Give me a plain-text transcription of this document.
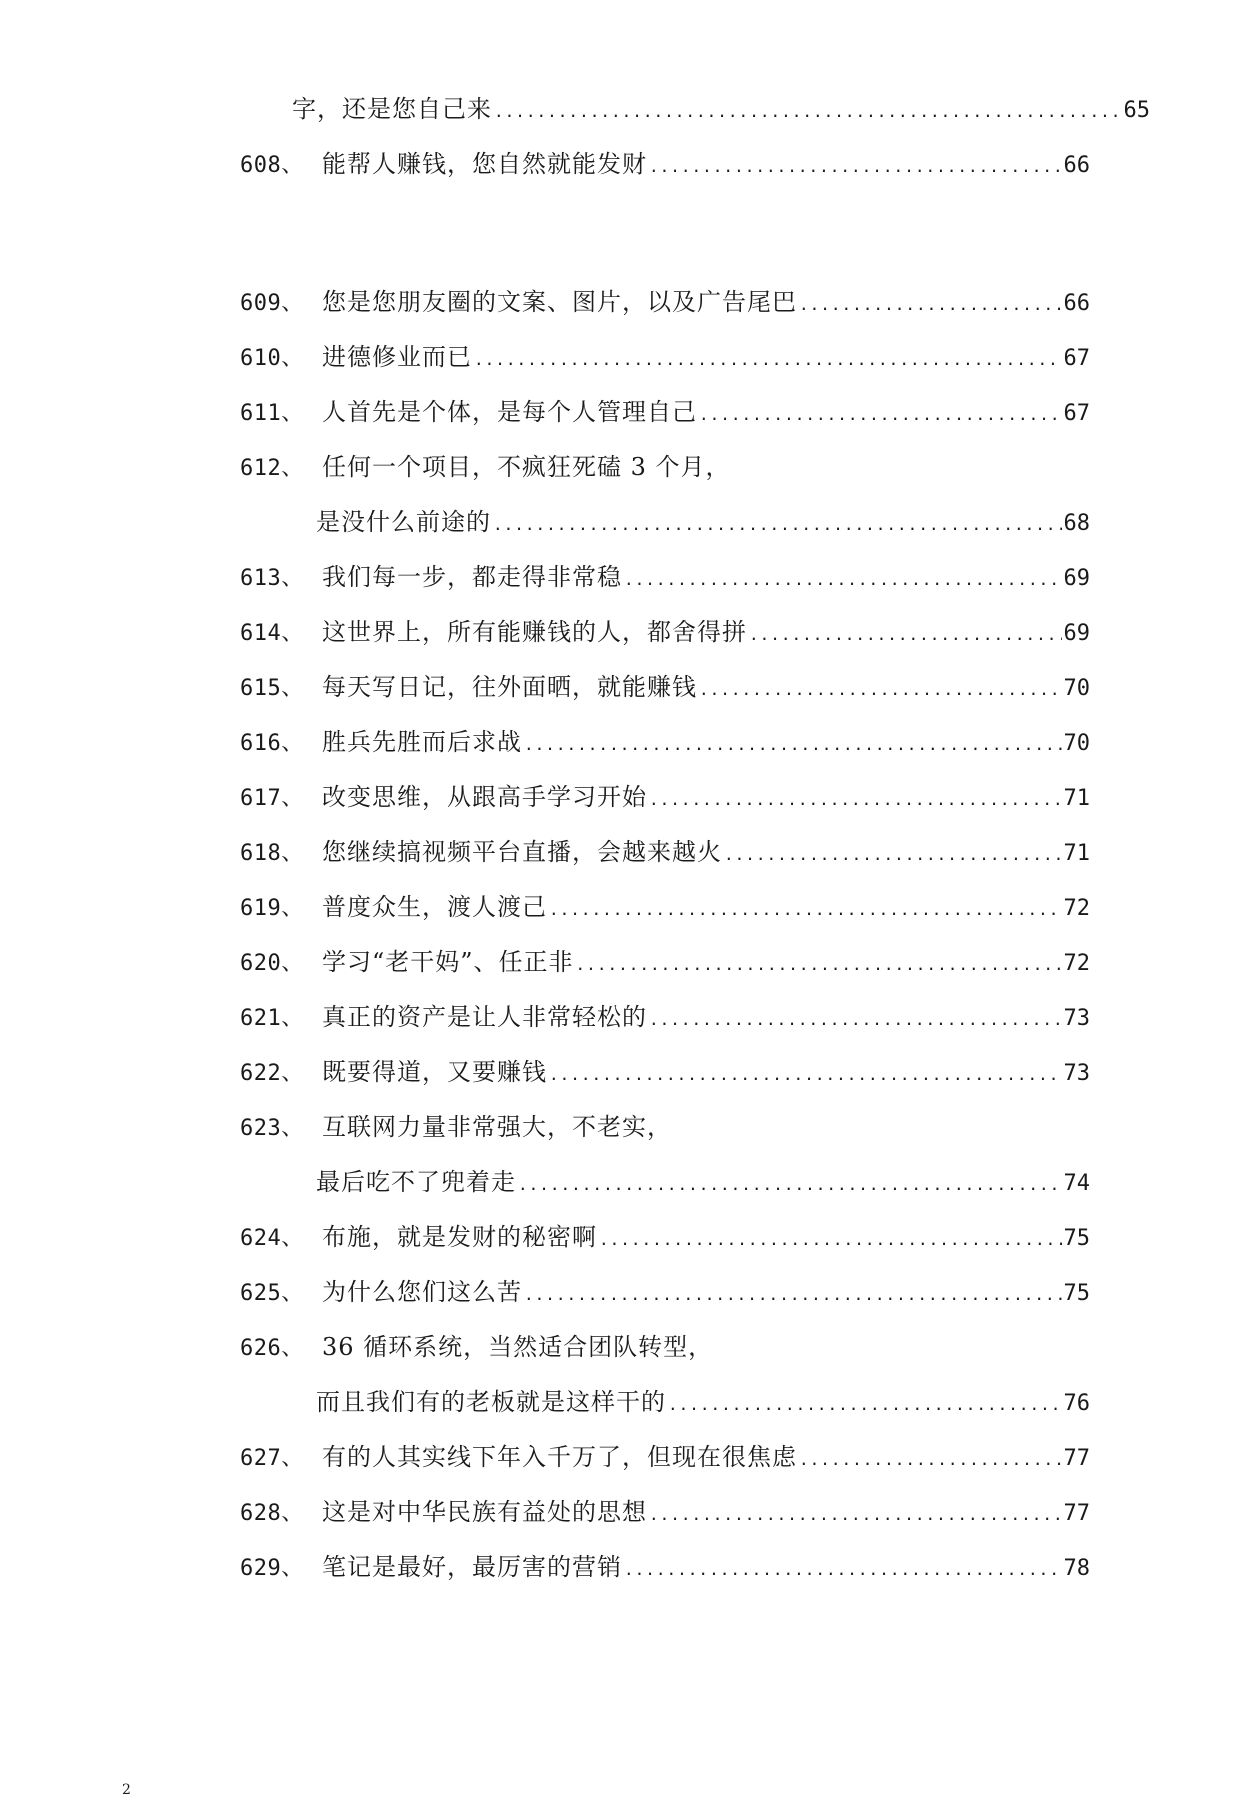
字，还是您自己来 .....	65
608、 能帮人赚钱，您自然就能发财 .....	66
609、 您是您朋友圈的文案、图片，以及广告尾巴 .....	66
610、 进德修业而已 .....	67
611、 人首先是个体，是每个人管理自己 .....	67
612、 任何一个项目，不疯狂死磕 3 个月，
是没什么前途的 .....	68
613、 我们每一步，都走得非常稳 .....	69
614、 这世界上，所有能赚钱的人，都舍得拼 .....	69
615、 每天写日记，往外面晒，就能赚钱 .....	70
616、 胜兵先胜而后求战 .....	70
617、 改变思维，从跟高手学习开始 .....	71
618、 您继续搞视频平台直播，会越来越火 .....	71
619、 普度众生，渡人渡己 .....	72
620、 学习“老干妈”、任正非 .....	72
621、 真正的资产是让人非常轻松的 .....	73
622、 既要得道，又要赚钱 .....	73
623、 互联网力量非常强大，不老实，
最后吃不了兜着走 .....	74
624、 布施，就是发财的秘密啊 .....	75
625、 为什么您们这么苦 .....	75
626、 36 循环系统，当然适合团队转型，
而且我们有的老板就是这样干的 .....	76
627、 有的人其实线下年入千万了，但现在很焦虑 .....	77
628、 这是对中华民族有益处的思想 .....	77
629、 笔记是最好，最厉害的营销 .....	78
2
